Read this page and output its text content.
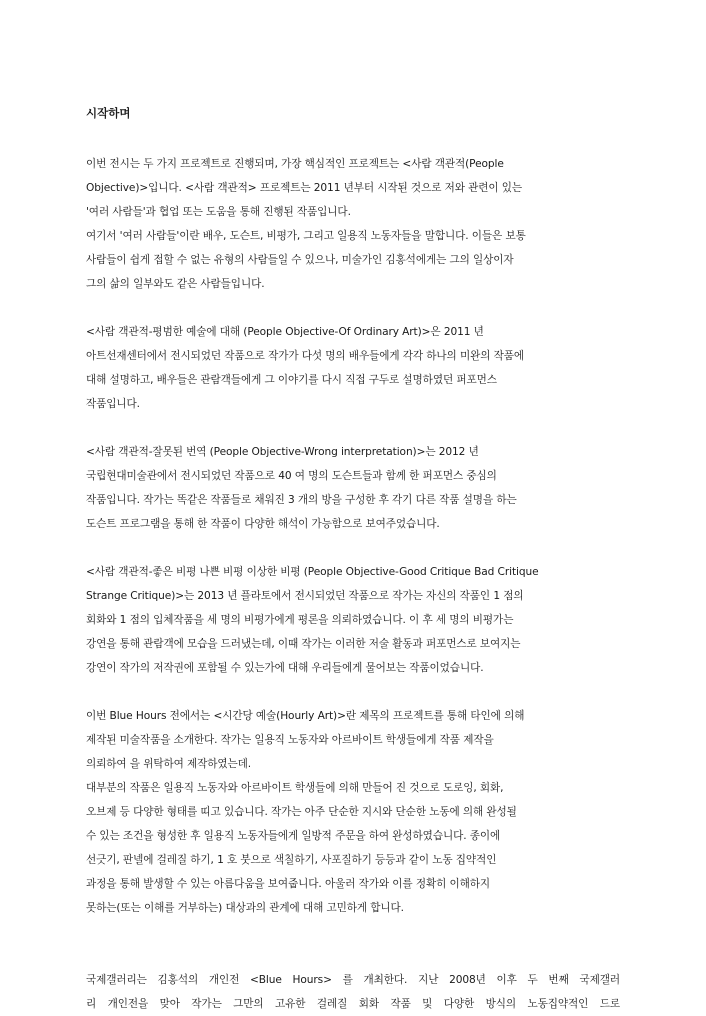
시작하며
이번 전시는 두 가지 프로젝트로 진행되며, 가장 핵심적인 프로젝트는 <사람 객관적(People
Objective)>입니다. <사람 객관적> 프로젝트는 2011 년부터 시작된 것으로 저와 관련이 있는
'여러 사람들'과 협업 또는 도움을 통해 진행된 작품입니다.
여기서 '여러 사람들'이란 배우, 도슨트, 비평가, 그리고 일용직 노동자들을 말합니다. 이들은 보통
사람들이 쉽게 접할 수 없는 유형의 사람들일 수 있으나, 미술가인 김홍석에게는 그의 일상이자
그의 삶의 일부와도 같은 사람들입니다.
<사람 객관적-평범한 예술에 대해 (People Objective-Of Ordinary Art)>은 2011 년
아트선재센터에서 전시되었던 작품으로 작가가 다섯 명의 배우들에게 각각 하나의 미완의 작품에
대해 설명하고, 배우들은 관람객들에게 그 이야기를 다시 직접 구두로 설명하였던 퍼포먼스
작품입니다.
<사람 객관적-잘못된 번역 (People Objective-Wrong interpretation)>는 2012 년
국립현대미술관에서 전시되었던 작품으로 40 여 명의 도슨트들과 함께 한 퍼포먼스 중심의
작품입니다. 작가는 똑같은 작품들로 채워진 3 개의 방을 구성한 후 각기 다른 작품 설명을 하는
도슨트 프로그램을 통해 한 작품이 다양한 해석이 가능함으로 보여주었습니다.
<사람 객관적-좋은 비평 나쁜 비평 이상한 비평 (People Objective-Good Critique Bad Critique
Strange Critique)>는 2013 년 플라토에서 전시되었던 작품으로 작가는 자신의 작품인 1 점의
회화와 1 점의 입체작품을 세 명의 비평가에게 평론을 의뢰하였습니다. 이 후 세 명의 비평가는
강연을 통해 관람객에 모습을 드러냈는데, 이때 작가는 이러한 저술 활동과 퍼포먼스로 보여지는
강연이 작가의 저작권에 포함될 수 있는가에 대해 우리들에게 물어보는 작품이었습니다.
이번 Blue Hours 전에서는 <시간당 예술(Hourly Art)>란 제목의 프로젝트를 통해 타인에 의해
제작된 미술작품을 소개한다. 작가는 일용직 노동자와 아르바이트 학생들에게 작품 제작을
의뢰하여 을 위탁하여 제작하였는데.
대부분의 작품은 일용직 노동자와 아르바이트 학생들에 의해 만들어 진 것으로 도로잉, 회화,
오브제 등 다양한 형태를 띠고 있습니다. 작가는 아주 단순한 지시와 단순한 노동에 의해 완성될
수 있는 조건을 형성한 후 일용직 노동자들에게 일방적 주문을 하여 완성하였습니다. 종이에
선긋기, 판넬에 걸레질 하기, 1 호 붓으로 색칠하기, 사포질하기 등등과 같이 노동 집약적인
과정을 통해 발생할 수 있는 아름다움을 보여줍니다. 아울러 작가와 이를 정확히 이해하지
못하는(또는 이해를 거부하는) 대상과의 관계에 대해 고민하게 합니다.
국제갤러리는 김홍석의 개인전 <Blue Hours> 를 개최한다. 지난 2008년 이후 두 번째 국제갤러
리 개인전을 맞아 작가는 그만의 고유한 걸레질 회화 작품 및 다양한 방식의 노동집약적인 드로
